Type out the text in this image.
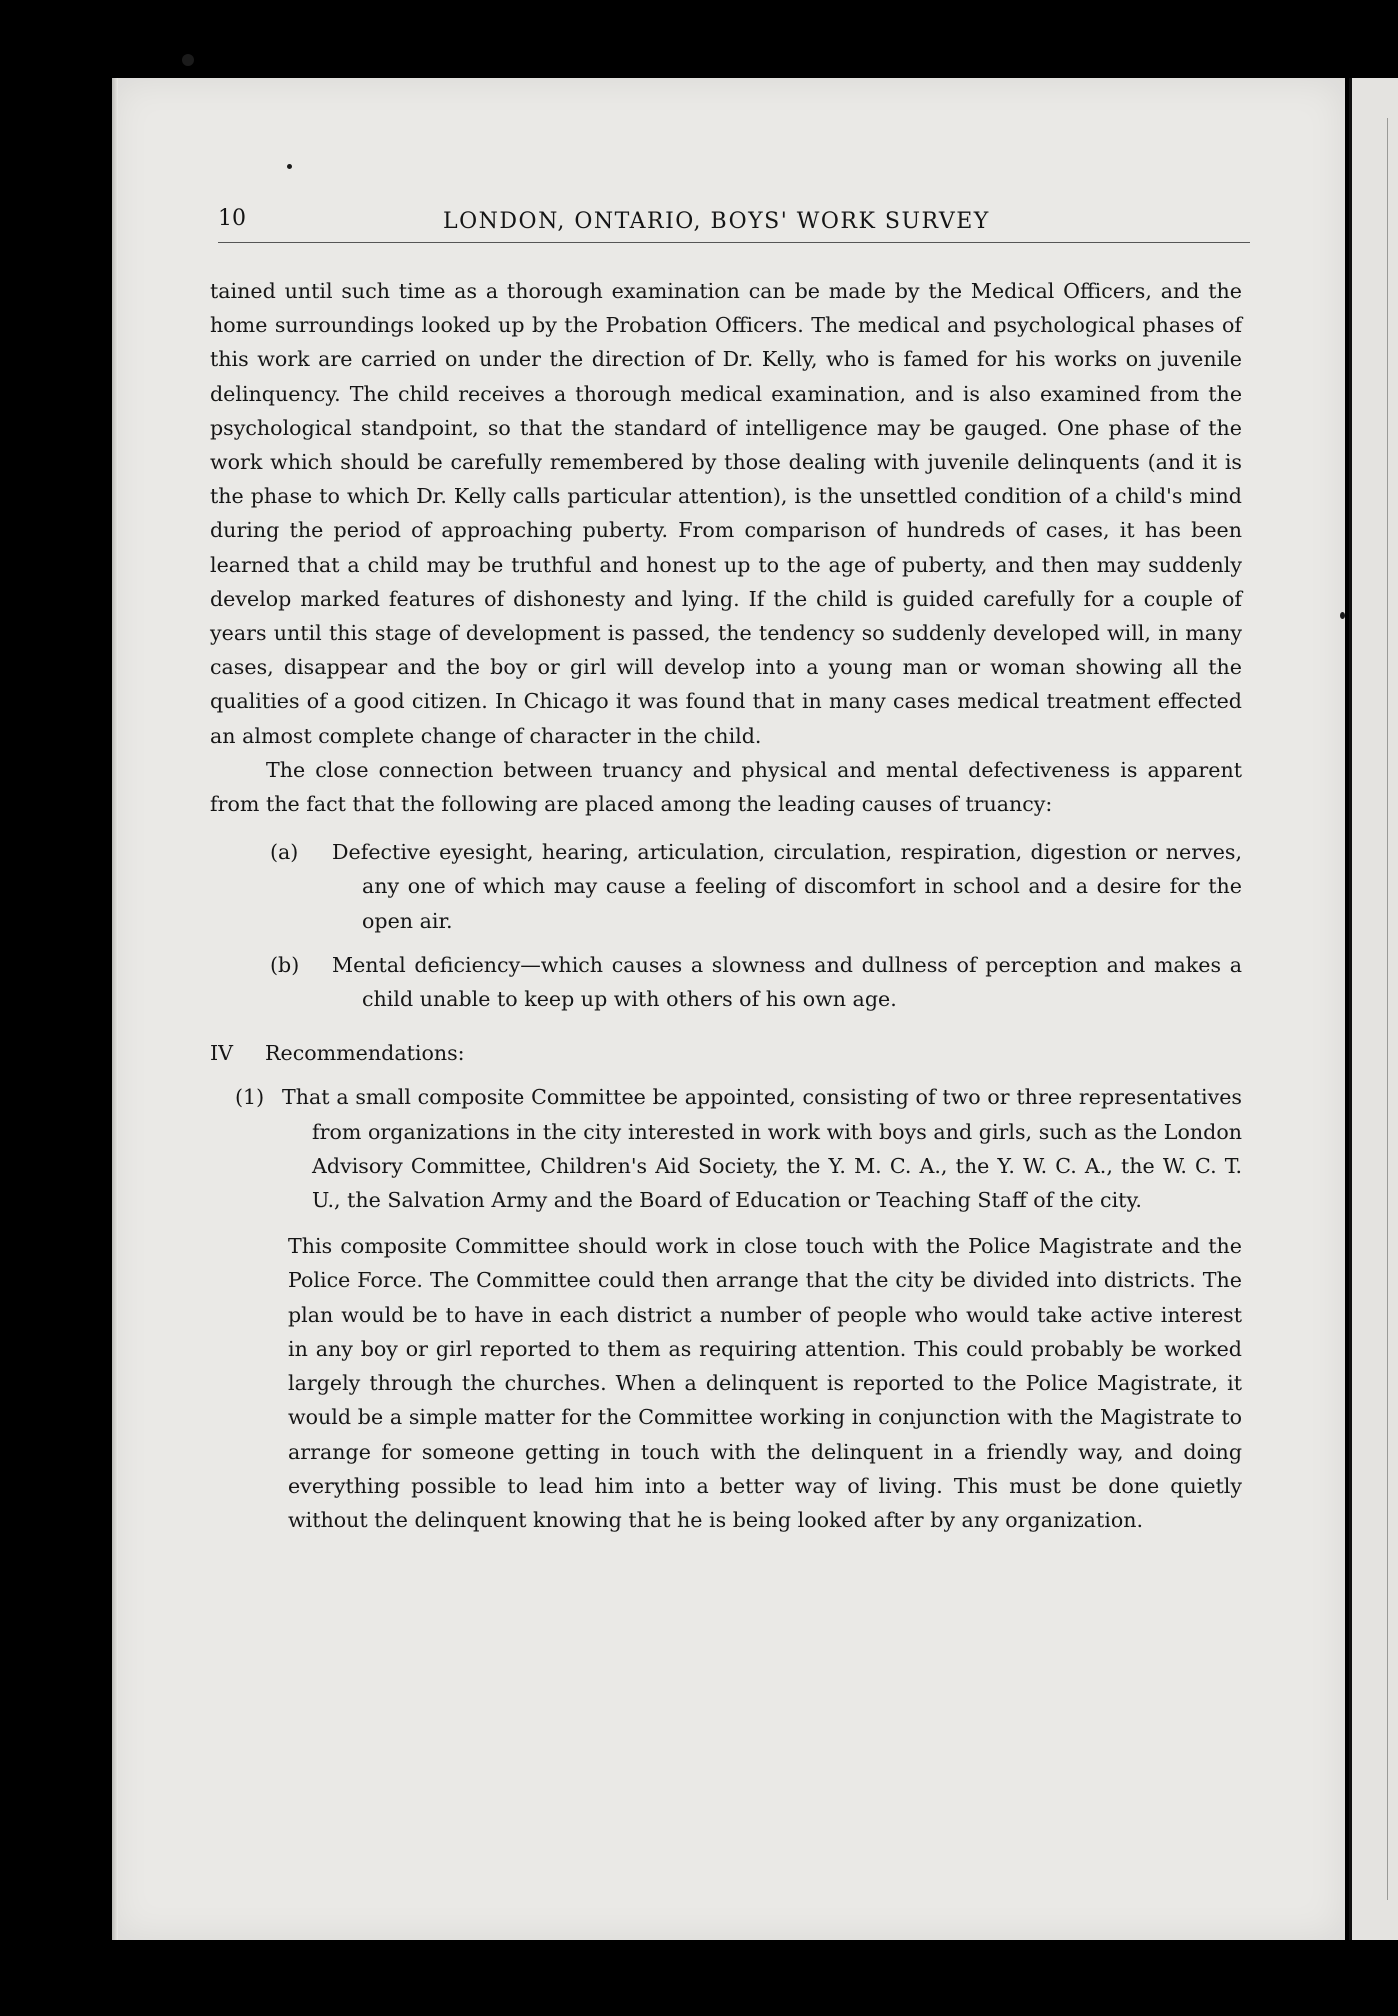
10	LONDON, ONTARIO, BOYS' WORK SURVEY

tained until such time as a thorough examination can be made by the Medical Officers, and the home surroundings looked up by the Probation Officers. The medical and psychological phases of this work are carried on under the direction of Dr. Kelly, who is famed for his works on juvenile delinquency. The child receives a thorough medical examination, and is also examined from the psychological standpoint, so that the standard of intelligence may be gauged. One phase of the work which should be carefully remembered by those dealing with juvenile delinquents (and it is the phase to which Dr. Kelly calls particular attention), is the unsettled condition of a child's mind during the period of approaching puberty. From comparison of hundreds of cases, it has been learned that a child may be truthful and honest up to the age of puberty, and then may suddenly develop marked features of dishonesty and lying. If the child is guided carefully for a couple of years until this stage of development is passed, the tendency so suddenly developed will, in many cases, disappear and the boy or girl will develop into a young man or woman showing all the qualities of a good citizen. In Chicago it was found that in many cases medical treatment effected an almost complete change of character in the child.

The close connection between truancy and physical and mental defectiveness is apparent from the fact that the following are placed among the leading causes of truancy:

(a) Defective eyesight, hearing, articulation, circulation, respiration, digestion or nerves, any one of which may cause a feeling of discomfort in school and a desire for the open air.
(b) Mental deficiency—which causes a slowness and dullness of perception and makes a child unable to keep up with others of his own age.
IV Recommendations:
(1) That a small composite Committee be appointed, consisting of two or three representatives from organizations in the city interested in work with boys and girls, such as the London Advisory Committee, Children's Aid Society, the Y. M. C. A., the Y. W. C. A., the W. C. T. U., the Salvation Army and the Board of Education or Teaching Staff of the city.

This composite Committee should work in close touch with the Police Magistrate and the Police Force. The Committee could then arrange that the city be divided into districts. The plan would be to have in each district a number of people who would take active interest in any boy or girl reported to them as requiring attention. This could probably be worked largely through the churches. When a delinquent is reported to the Police Magistrate, it would be a simple matter for the Committee working in conjunction with the Magistrate to arrange for someone getting in touch with the delinquent in a friendly way, and doing everything possible to lead him into a better way of living. This must be done quietly without the delinquent knowing that he is being looked after by any organization.
